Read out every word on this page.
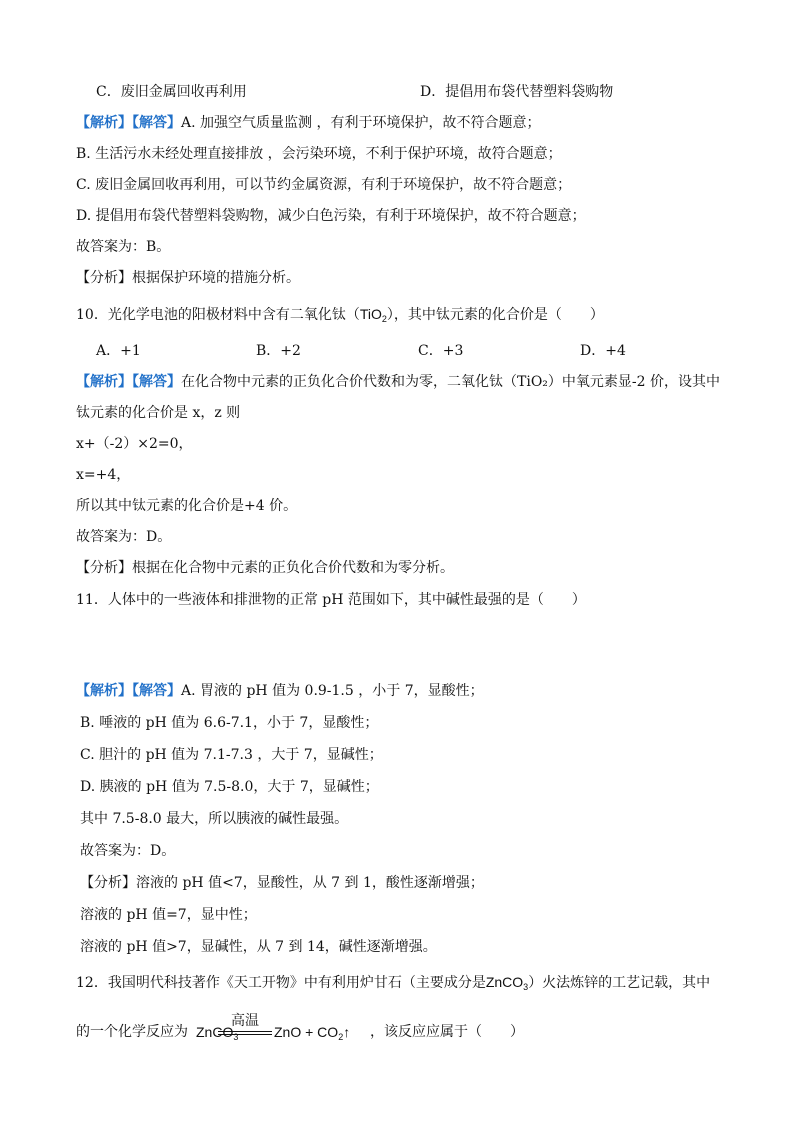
C．废旧金属回收再利用	D．提倡用布袋代替塑料袋购物
【解析】【解答】A. 加强空气质量监测 ，有利于环境保护，故不符合题意；
B. 生活污水未经处理直接排放 ，会污染环境，不利于保护环境，故符合题意；
C. 废旧金属回收再利用，可以节约金属资源，有利于环境保护，故不符合题意；
D. 提倡用布袋代替塑料袋购物，减少白色污染，有利于环境保护，故不符合题意；
故答案为：B。
【分析】根据保护环境的措施分析。
10．光化学电池的阳极材料中含有二氧化钛（TiO$_2$），其中钛元素的化合价是（　　）
A．+1	B．+2	C．+3	D．+4
【解析】【解答】在化合物中元素的正负化合价代数和为零，二氧化钛（TiO₂）中氧元素显-2 价，设其中
钛元素的化合价是 x，z 则
x+（-2）×2=0，
x=+4，
所以其中钛元素的化合价是+4 价。
故答案为：D。
【分析】根据在化合物中元素的正负化合价代数和为零分析。
11．人体中的一些液体和排泄物的正常 pH 范围如下，其中碱性最强的是（　　）
【解析】【解答】A. 胃液的 pH 值为 0.9-1.5 ，小于 7，显酸性；
B. 唾液的 pH 值为 6.6-7.1，小于 7，显酸性；
C. 胆汁的 pH 值为 7.1-7.3 ，大于 7，显碱性；
D. 胰液的 pH 值为 7.5-8.0，大于 7，显碱性；
其中 7.5-8.0 最大，所以胰液的碱性最强。
故答案为：D。
【分析】溶液的 pH 值<7，显酸性，从 7 到 1，酸性逐渐增强；
溶液的 pH 值=7，显中性；
溶液的 pH 值>7，显碱性，从 7 到 14，碱性逐渐增强。
12．我国明代科技著作《天工开物》中有利用炉甘石（主要成分是ZnCO$_3$）火法炼锌的工艺记载，其中
的一个化学反应为
高温
ZnCO$_3$	ZnO + $CO_2↑$ ，该反应应属于（　　）
